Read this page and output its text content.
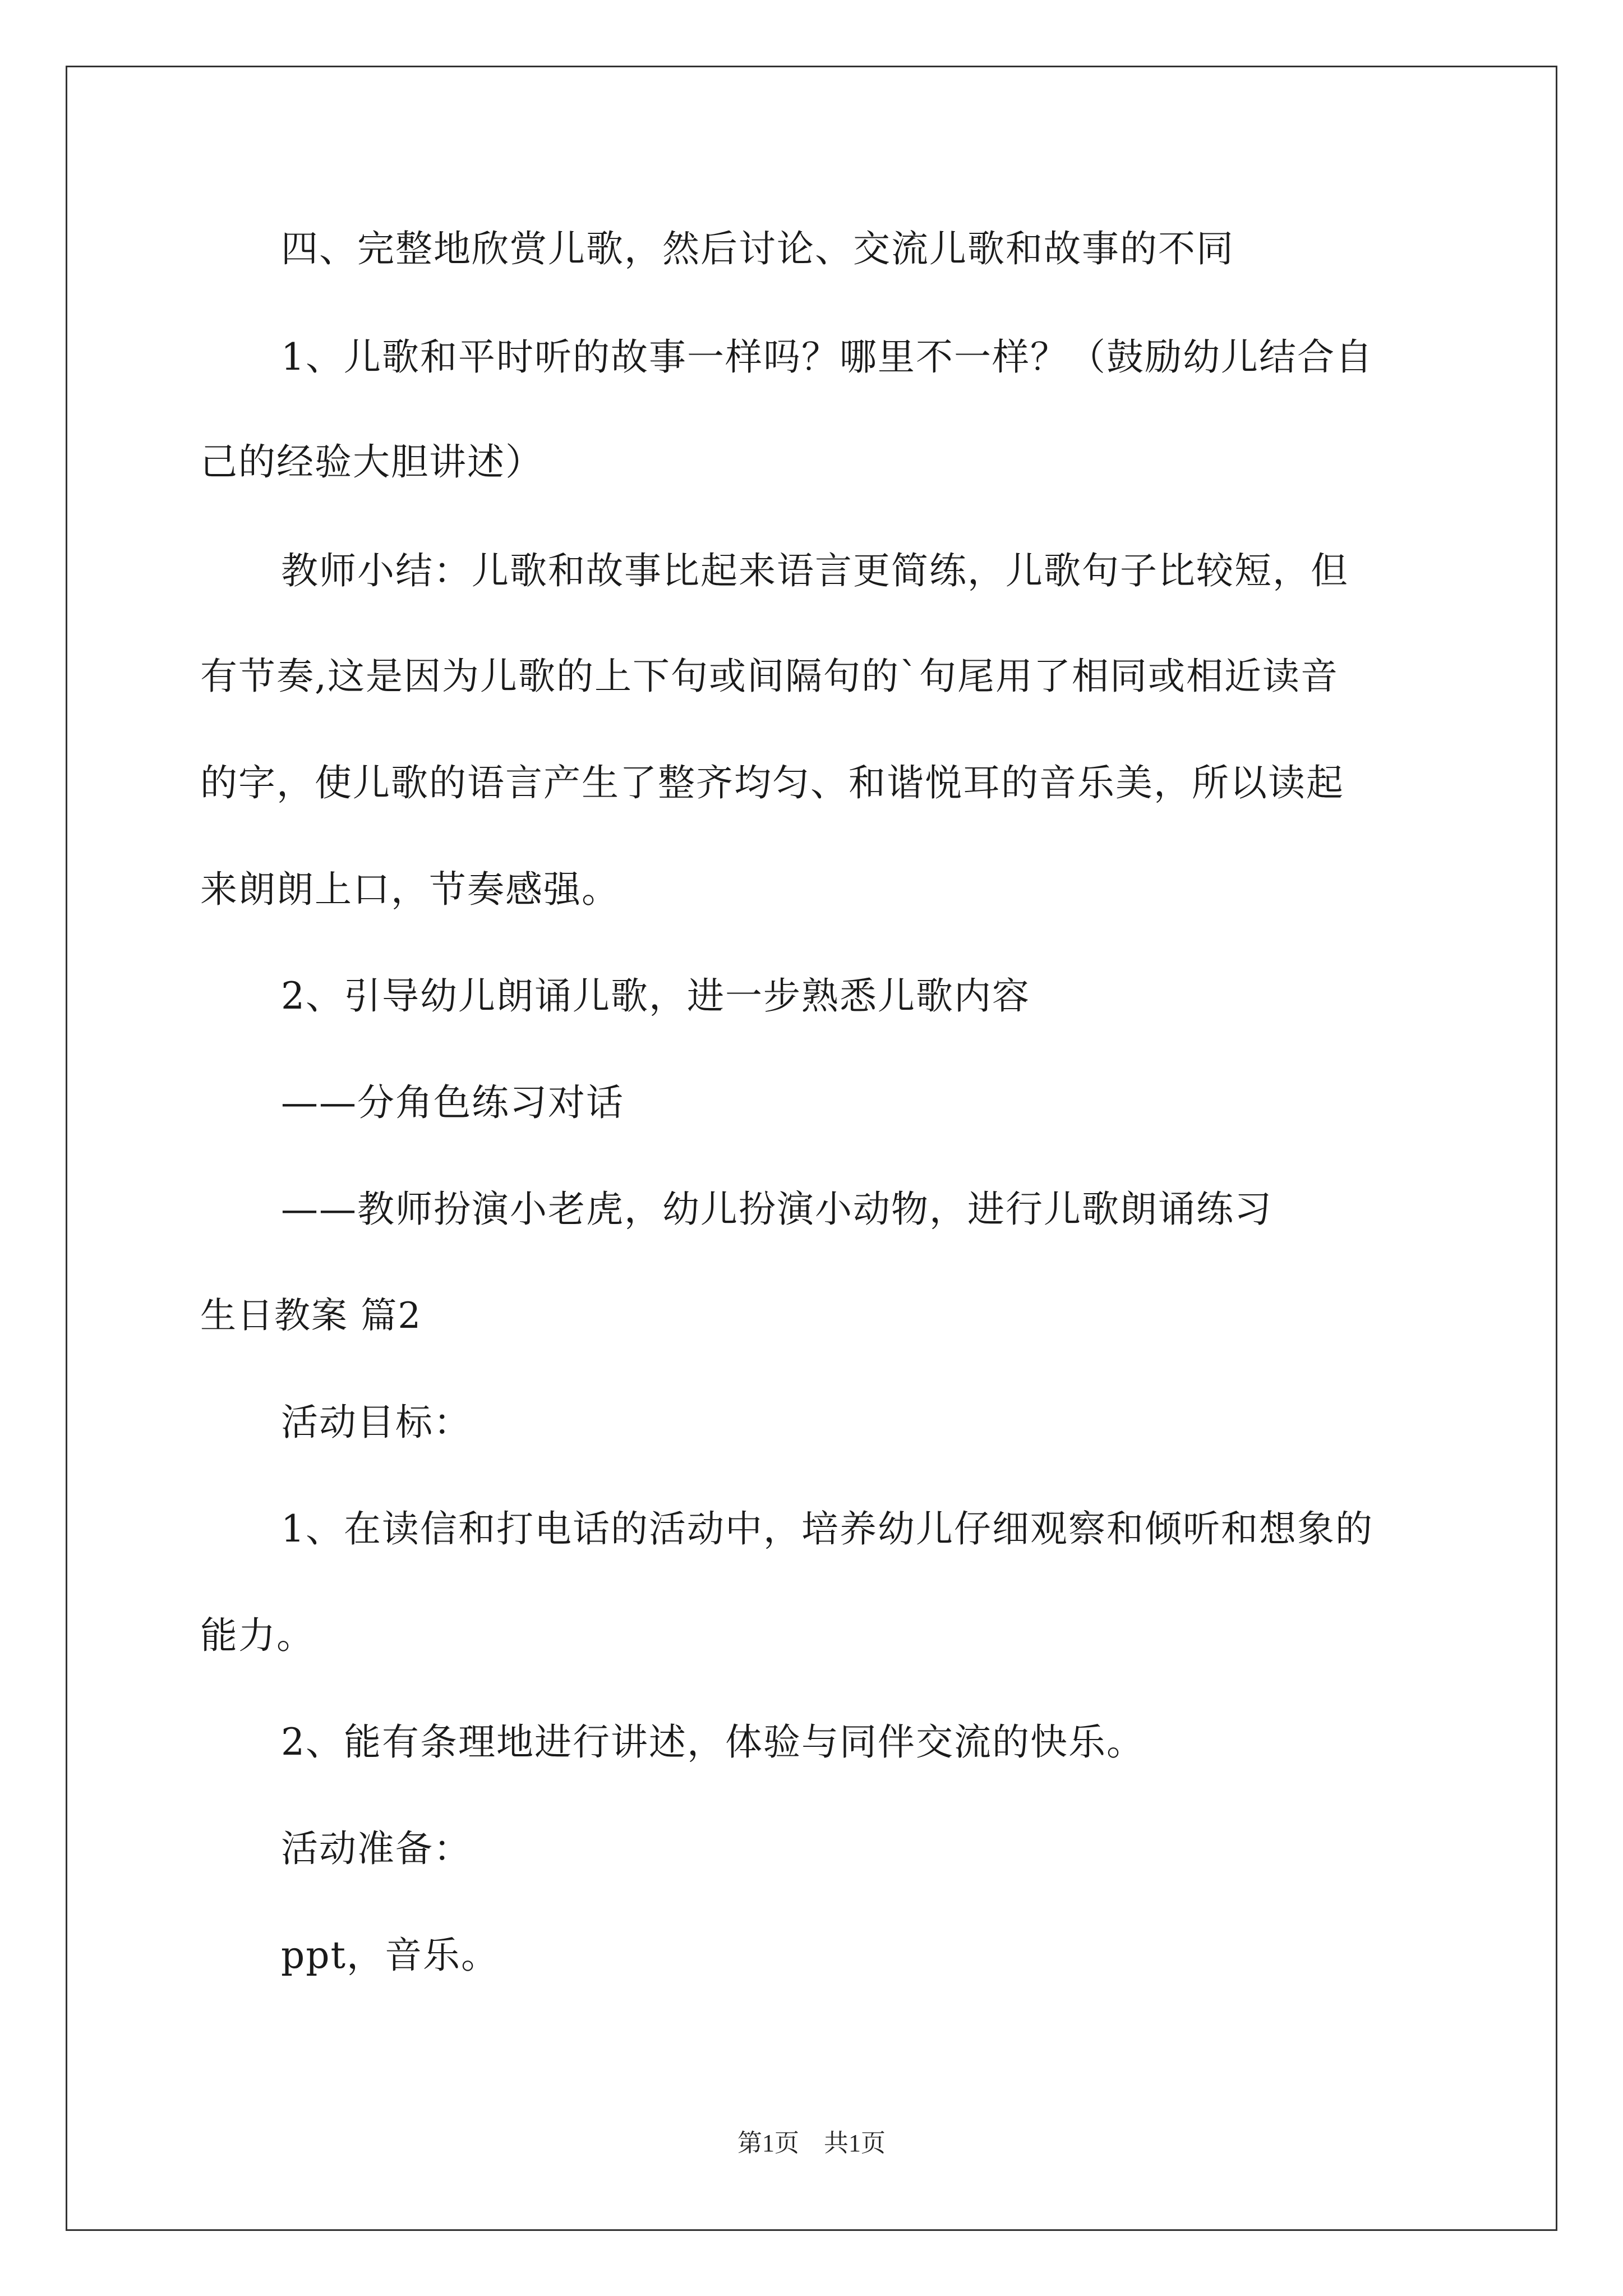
四、完整地欣赏儿歌，然后讨论、交流儿歌和故事的不同
1、儿歌和平时听的故事一样吗？哪里不一样？（鼓励幼儿结合自
己的经验大胆讲述）
教师小结：儿歌和故事比起来语言更简练，儿歌句子比较短，但
有节奏,这是因为儿歌的上下句或间隔句的`句尾用了相同或相近读音
的字，使儿歌的语言产生了整齐均匀、和谐悦耳的音乐美，所以读起
来朗朗上口，节奏感强。
2、引导幼儿朗诵儿歌，进一步熟悉儿歌内容
——分角色练习对话
——教师扮演小老虎，幼儿扮演小动物，进行儿歌朗诵练习
生日教案 篇2
活动目标：
1、在读信和打电话的活动中，培养幼儿仔细观察和倾听和想象的
能力。
2、能有条理地进行讲述，体验与同伴交流的快乐。
活动准备：
ppt，音乐。
第1页　共1页
